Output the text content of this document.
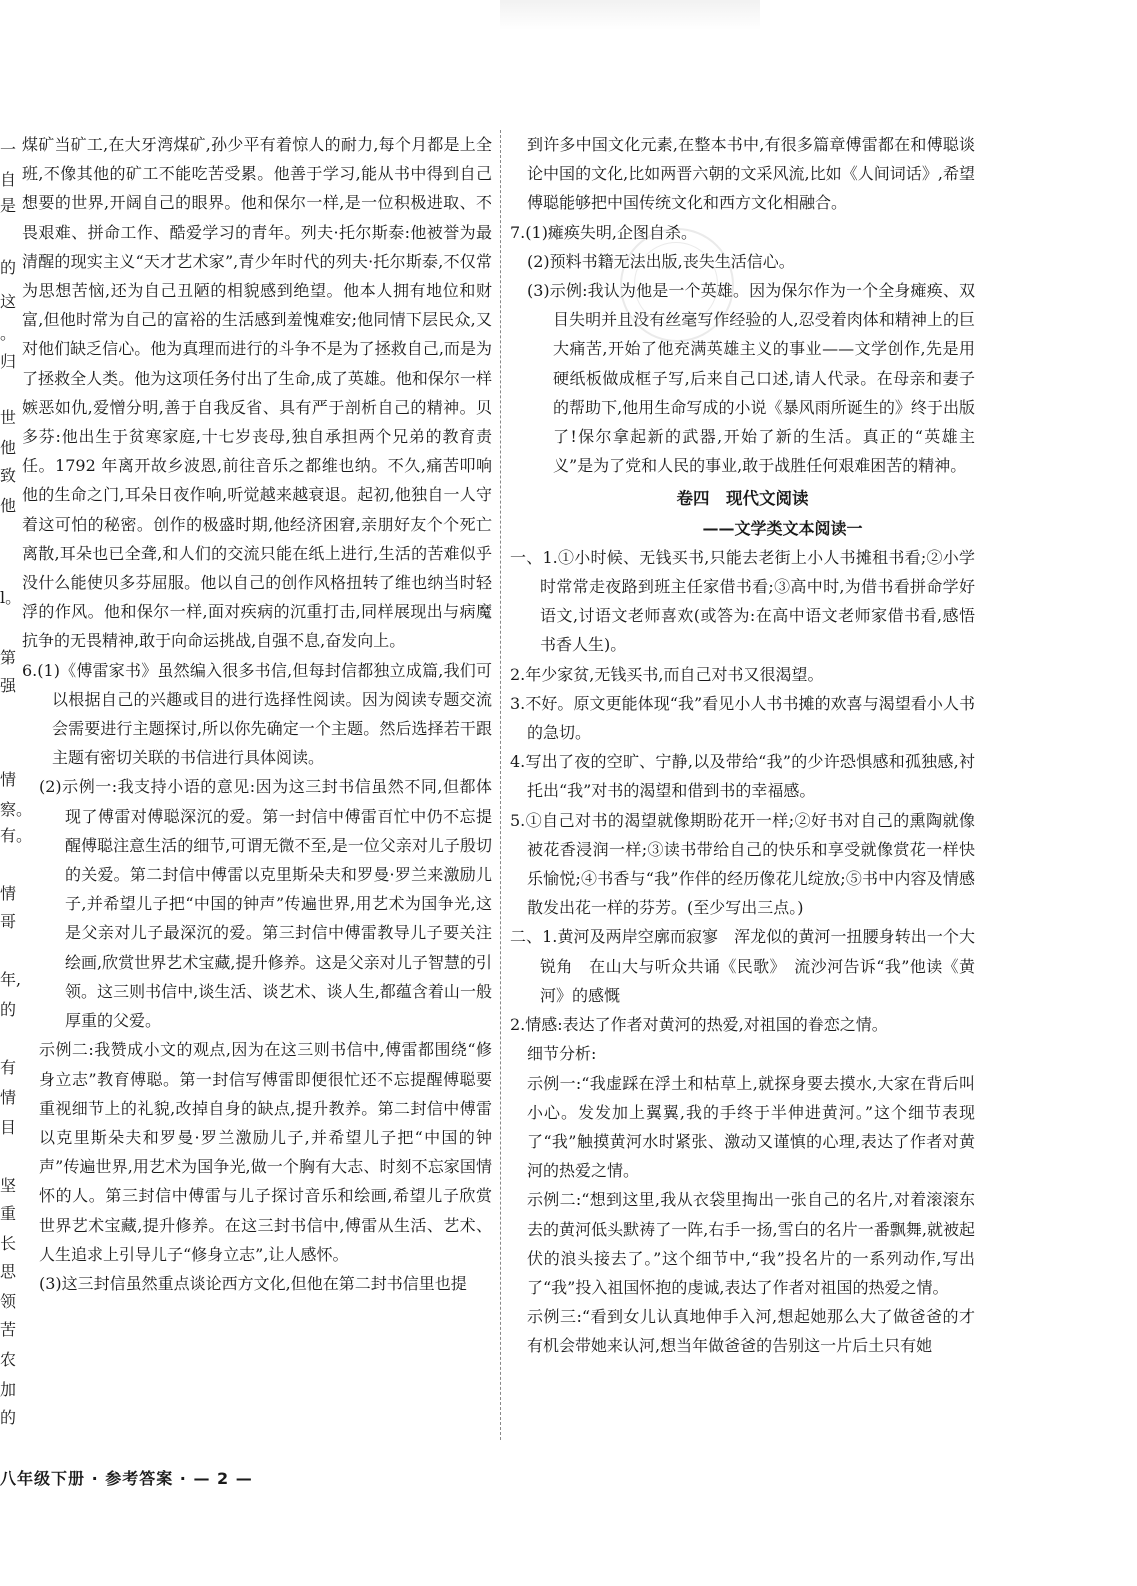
一
自
是
的
这
。
归
世
他
致
他
l。
第
强
情
察。
有。
情
哥
年,
的
有
情
目
坚
重
长
思
领
苦
农
加
的

煤矿当矿工,在大牙湾煤矿,孙少平有着惊人的耐力,每个月都是上全班,不像其他的矿工不能吃苦受累。他善于学习,能从书中得到自己想要的世界,开阔自己的眼界。他和保尔一样,是一位积极进取、不畏艰难、拼命工作、酷爱学习的青年。列夫·托尔斯泰:他被誉为最清醒的现实主义“天才艺术家”,青少年时代的列夫·托尔斯泰,不仅常为思想苦恼,还为自己丑陋的相貌感到绝望。他本人拥有地位和财富,但他时常为自己的富裕的生活感到羞愧难安;他同情下层民众,又对他们缺乏信心。他为真理而进行的斗争不是为了拯救自己,而是为了拯救全人类。他为这项任务付出了生命,成了英雄。他和保尔一样嫉恶如仇,爱憎分明,善于自我反省、具有严于剖析自己的精神。贝多芬:他出生于贫寒家庭,十七岁丧母,独自承担两个兄弟的教育责任。1792 年离开故乡波恩,前往音乐之都维也纳。不久,痛苦叩响他的生命之门,耳朵日夜作响,听觉越来越衰退。起初,他独自一人守着这可怕的秘密。创作的极盛时期,他经济困窘,亲朋好友个个死亡离散,耳朵也已全聋,和人们的交流只能在纸上进行,生活的苦难似乎没什么能使贝多芬屈服。他以自己的创作风格扭转了维也纳当时轻浮的作风。他和保尔一样,面对疾病的沉重打击,同样展现出与病魔抗争的无畏精神,敢于向命运挑战,自强不息,奋发向上。

6.(1)《傅雷家书》虽然编入很多书信,但每封信都独立成篇,我们可以根据自己的兴趣或目的进行选择性阅读。因为阅读专题交流会需要进行主题探讨,所以你先确定一个主题。然后选择若干跟主题有密切关联的书信进行具体阅读。

(2)示例一:我支持小语的意见:因为这三封书信虽然不同,但都体现了傅雷对傅聪深沉的爱。第一封信中傅雷百忙中仍不忘提醒傅聪注意生活的细节,可谓无微不至,是一位父亲对儿子殷切的关爱。第二封信中傅雷以克里斯朵夫和罗曼·罗兰来激励儿子,并希望儿子把“中国的钟声”传遍世界,用艺术为国争光,这是父亲对儿子最深沉的爱。第三封信中傅雷教导儿子要关注绘画,欣赏世界艺术宝藏,提升修养。这是父亲对儿子智慧的引领。这三则书信中,谈生活、谈艺术、谈人生,都蕴含着山一般厚重的父爱。

示例二:我赞成小文的观点,因为在这三则书信中,傅雷都围绕“修身立志”教育傅聪。第一封信写傅雷即便很忙还不忘提醒傅聪要重视细节上的礼貌,改掉自身的缺点,提升教养。第二封信中傅雷以克里斯朵夫和罗曼·罗兰激励儿子,并希望儿子把“中国的钟声”传遍世界,用艺术为国争光,做一个胸有大志、时刻不忘家国情怀的人。第三封信中傅雷与儿子探讨音乐和绘画,希望儿子欣赏世界艺术宝藏,提升修养。在这三封书信中,傅雷从生活、艺术、人生追求上引导儿子“修身立志”,让人感怀。

(3)这三封信虽然重点谈论西方文化,但他在第二封书信里也提

到许多中国文化元素,在整本书中,有很多篇章傅雷都在和傅聪谈论中国的文化,比如两晋六朝的文采风流,比如《人间词话》,希望傅聪能够把中国传统文化和西方文化相融合。

7.(1)瘫痪失明,企图自杀。

(2)预料书籍无法出版,丧失生活信心。

(3)示例:我认为他是一个英雄。因为保尔作为一个全身瘫痪、双目失明并且没有丝毫写作经验的人,忍受着肉体和精神上的巨大痛苦,开始了他充满英雄主义的事业——文学创作,先是用硬纸板做成框子写,后来自己口述,请人代录。在母亲和妻子的帮助下,他用生命写成的小说《暴风雨所诞生的》终于出版了!保尔拿起新的武器,开始了新的生活。真正的“英雄主义”是为了党和人民的事业,敢于战胜任何艰难困苦的精神。

卷四　现代文阅读

——文学类文本阅读一

一、1.①小时候、无钱买书,只能去老街上小人书摊租书看;②小学时常常走夜路到班主任家借书看;③高中时,为借书看拼命学好语文,讨语文老师喜欢(或答为:在高中语文老师家借书看,感悟书香人生)。

2.年少家贫,无钱买书,而自己对书又很渴望。

3.不好。原文更能体现“我”看见小人书书摊的欢喜与渴望看小人书的急切。

4.写出了夜的空旷、宁静,以及带给“我”的少许恐惧感和孤独感,衬托出“我”对书的渴望和借到书的幸福感。

5.①自己对书的渴望就像期盼花开一样;②好书对自己的熏陶就像被花香浸润一样;③读书带给自己的快乐和享受就像赏花一样快乐愉悦;④书香与“我”作伴的经历像花儿绽放;⑤书中内容及情感散发出花一样的芬芳。(至少写出三点。)

二、1.黄河及两岸空廓而寂寥　浑龙似的黄河一扭腰身转出一个大锐角　在山大与听众共诵《民歌》　流沙河告诉“我”他读《黄河》的感慨

2.情感:表达了作者对黄河的热爱,对祖国的眷恋之情。

细节分析:

示例一:“我虚踩在浮土和枯草上,就探身要去摸水,大家在背后叫小心。发发加上翼翼,我的手终于半伸进黄河。”这个细节表现了“我”触摸黄河水时紧张、激动又谨慎的心理,表达了作者对黄河的热爱之情。

示例二:“想到这里,我从衣袋里掏出一张自己的名片,对着滚滚东去的黄河低头默祷了一阵,右手一扬,雪白的名片一番飘舞,就被起伏的浪头接去了。”这个细节中,“我”投名片的一系列动作,写出了“我”投入祖国怀抱的虔诚,表达了作者对祖国的热爱之情。

示例三:“看到女儿认真地伸手入河,想起她那么大了做爸爸的才有机会带她来认河,想当年做爸爸的告别这一片后土只有她

八年级下册 · 参考答案 · — 2 —
